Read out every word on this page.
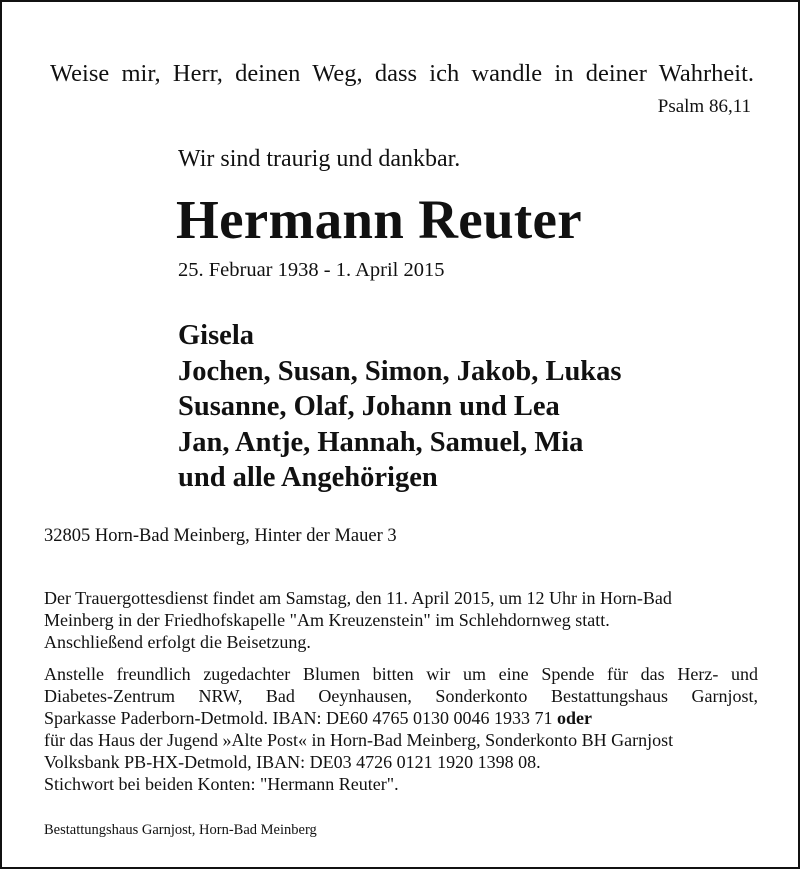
Weise mir, Herr, deinen Weg, dass ich wandle in deiner Wahrheit.
Psalm 86,11
Wir sind traurig und dankbar.
Hermann Reuter
25. Februar 1938 - 1. April 2015
Gisela
Jochen, Susan, Simon, Jakob, Lukas
Susanne, Olaf, Johann und Lea
Jan, Antje, Hannah, Samuel, Mia
und alle Angehörigen
32805 Horn-Bad Meinberg, Hinter der Mauer 3
Der Trauergottesdienst findet am Samstag, den 11. April 2015, um 12 Uhr in Horn-Bad
Meinberg in der Friedhofskapelle "Am Kreuzenstein" im Schlehdornweg statt.
Anschließend erfolgt die Beisetzung.
Anstelle freundlich zugedachter Blumen bitten wir um eine Spende für das Herz- und
Diabetes-Zentrum NRW, Bad Oeynhausen, Sonderkonto Bestattungshaus Garnjost,
Sparkasse Paderborn-Detmold. IBAN: DE60 4765 0130 0046 1933 71 oder
für das Haus der Jugend »Alte Post« in Horn-Bad Meinberg, Sonderkonto BH Garnjost
Volksbank PB-HX-Detmold, IBAN: DE03 4726 0121 1920 1398 08.
Stichwort bei beiden Konten: "Hermann Reuter".
Bestattungshaus Garnjost, Horn-Bad Meinberg
